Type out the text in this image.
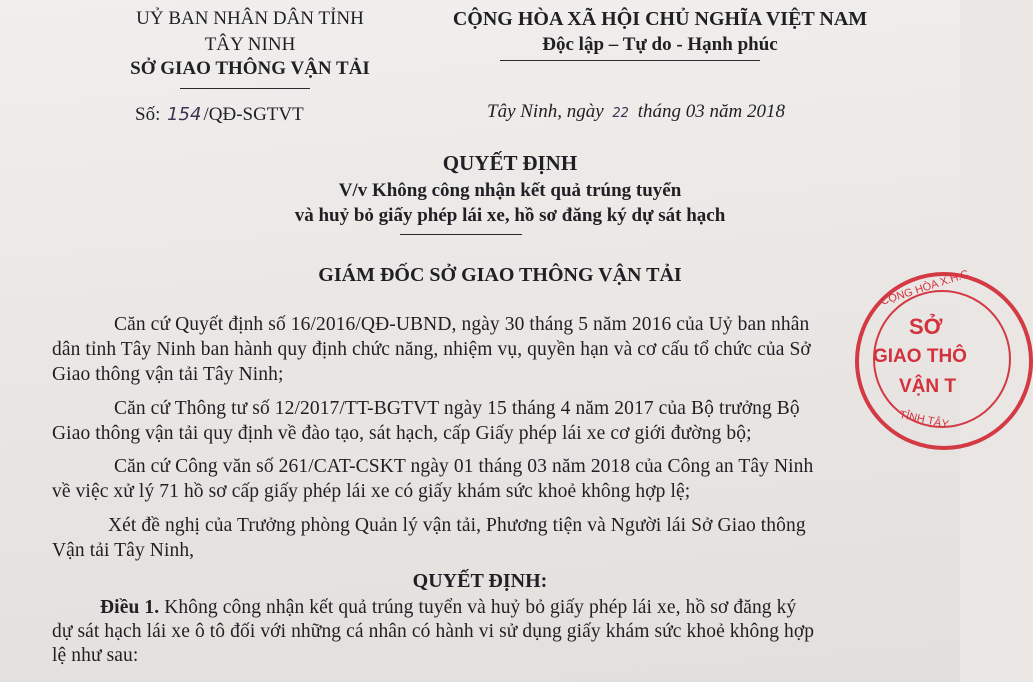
UỶ BAN NHÂN DÂN TỈNH
TÂY NINH
SỞ GIAO THÔNG VẬN TẢI
Số: 154 /QĐ-SGTVT
CỘNG HÒA XÃ HỘI CHỦ NGHĨA VIỆT NAM
Độc lập – Tự do - Hạnh phúc
Tây Ninh, ngày 22 tháng 03 năm 2018
QUYẾT ĐỊNH
V/v Không công nhận kết quả trúng tuyển
và huỷ bỏ giấy phép lái xe, hồ sơ đăng ký dự sát hạch
GIÁM ĐỐC SỞ GIAO THÔNG VẬN TẢI
Căn cứ Quyết định số 16/2016/QĐ-UBND, ngày 30 tháng 5 năm 2016 của Uỷ ban nhân
dân tỉnh Tây Ninh ban hành quy định chức năng, nhiệm vụ, quyền hạn và cơ cấu tổ chức của Sở
Giao thông vận tải Tây Ninh;
Căn cứ Thông tư số 12/2017/TT-BGTVT ngày 15 tháng 4 năm 2017 của Bộ trưởng Bộ
Giao thông vận tải quy định về đào tạo, sát hạch, cấp Giấy phép lái xe cơ giới đường bộ;
Căn cứ Công văn số 261/CAT-CSKT ngày 01 tháng 03 năm 2018 của Công an Tây Ninh
về việc xử lý 71 hồ sơ cấp giấy phép lái xe có giấy khám sức khoẻ không hợp lệ;
Xét đề nghị của Trưởng phòng Quản lý vận tải, Phương tiện và Người lái Sở Giao thông
Vận tải Tây Ninh,
QUYẾT ĐỊNH:
Điều 1. Không công nhận kết quả trúng tuyển và huỷ bỏ giấy phép lái xe, hồ sơ đăng ký
dự sát hạch lái xe ô tô đối với những cá nhân có hành vi sử dụng giấy khám sức khoẻ không hợp
lệ như sau:
CỘNG HÒA X.H.C
SỞ
GIAO THÔ
VẬN T
TỈNH TÂY
